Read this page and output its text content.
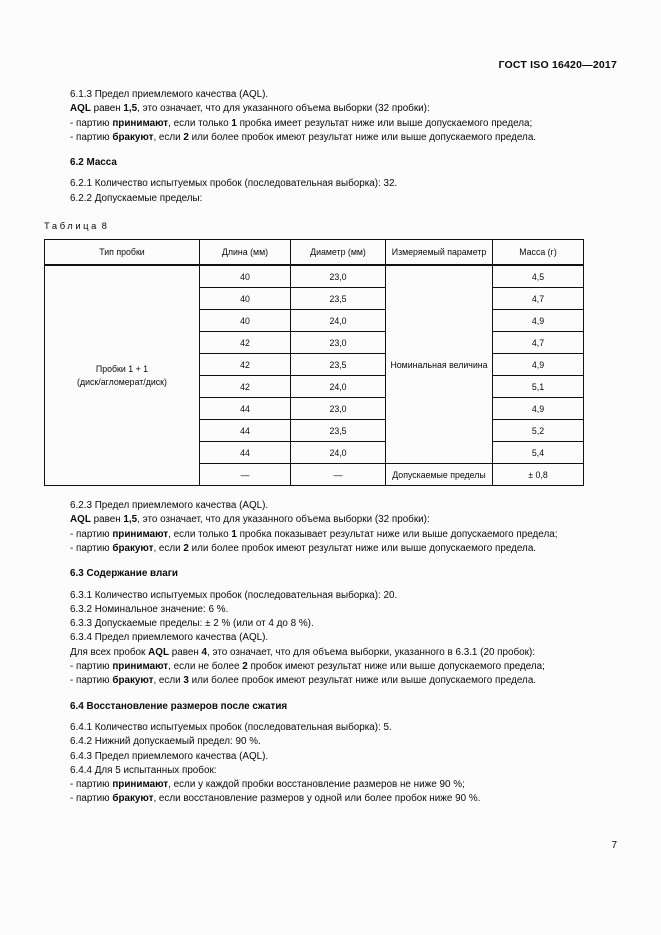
ГОСТ ISO 16420—2017

6.1.3 Предел приемлемого качества (AQL).

AQL равен 1,5, это означает, что для указанного объема выборки (32 пробки):

- партию принимают, если только 1 пробка имеет результат ниже или выше допускаемого предела;

- партию бракуют, если 2 или более пробок имеют результат ниже или выше допускаемого предела.

6.2 Масса

6.2.1 Количество испытуемых пробок (последовательная выборка): 32.

6.2.2 Допускаемые пределы:

Таблица 8

Тип пробки	Длина (мм)	Диаметр (мм)	Измеряемый параметр	Масса (г)

Пробки 1 + 1
(диск/агломерат/диск)	40	23,0	Номинальная величина	4,5
	40	23,5		4,7
	40	24,0		4,9
	42	23,0		4,7
	42	23,5		4,9
	42	24,0		5,1
	44	23,0		4,9
	44	23,5		5,2
	44	24,0		5,4
	—	—	Допускаемые пределы	± 0,8

6.2.3 Предел приемлемого качества (AQL).

AQL равен 1,5, это означает, что для указанного объема выборки (32 пробки):

- партию принимают, если только 1 пробка показывает результат ниже или выше допускаемого предела;

- партию бракуют, если 2 или более пробок имеют результат ниже или выше допускаемого предела.

6.3 Содержание влаги

6.3.1 Количество испытуемых пробок (последовательная выборка): 20.

6.3.2 Номинальное значение: 6 %.

6.3.3 Допускаемые пределы: ± 2 % (или от 4 до 8 %).

6.3.4 Предел приемлемого качества (AQL).

Для всех пробок AQL равен 4, это означает, что для объема выборки, указанного в 6.3.1 (20 пробок):

- партию принимают, если не более 2 пробок имеют результат ниже или выше допускаемого предела;

- партию бракуют, если 3 или более пробок имеют результат ниже или выше допускаемого предела.

6.4 Восстановление размеров после сжатия

6.4.1 Количество испытуемых пробок (последовательная выборка): 5.

6.4.2 Нижний допускаемый предел: 90 %.

6.4.3 Предел приемлемого качества (AQL).

6.4.4 Для 5 испытанных пробок:

- партию принимают, если у каждой пробки восстановление размеров не ниже 90 %;

- партию бракуют, если восстановление размеров у одной или более пробок ниже 90 %.

7
